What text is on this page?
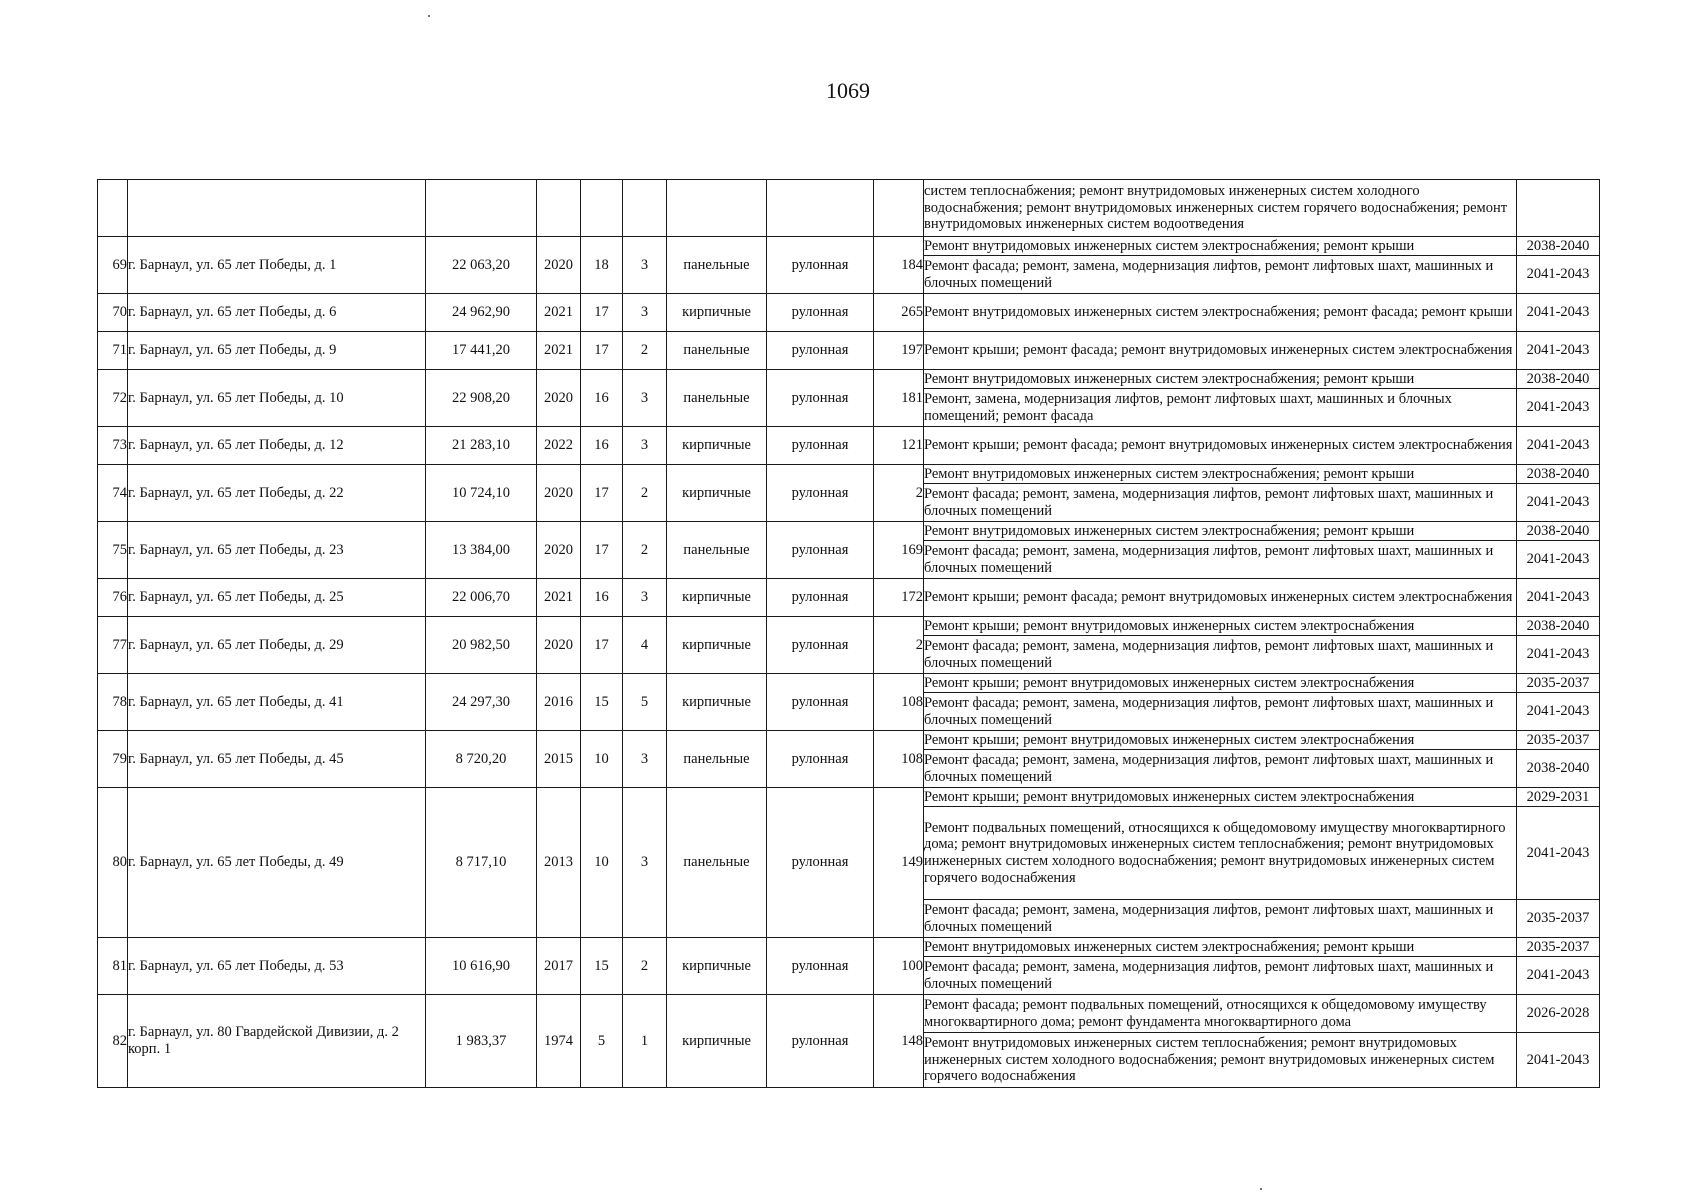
1069
									систем теплоснабжения; ремонт внутридомовых инженерных систем холодного водоснабжения; ремонт внутридомовых инженерных систем горячего водоснабжения; ремонт внутридомовых инженерных систем водоотведения	
69	г. Барнаул, ул. 65 лет Победы, д. 1	22 063,20	2020	18	3	панельные	рулонная	184	Ремонт внутридомовых инженерных систем электроснабжения; ремонт крыши	2038-2040
									Ремонт фасада; ремонт, замена, модернизация лифтов, ремонт лифтовых шахт, машинных и блочных помещений	2041-2043
70	г. Барнаул, ул. 65 лет Победы, д. 6	24 962,90	2021	17	3	кирпичные	рулонная	265	Ремонт внутридомовых инженерных систем электроснабжения; ремонт фасада; ремонт крыши	2041-2043
71	г. Барнаул, ул. 65 лет Победы, д. 9	17 441,20	2021	17	2	панельные	рулонная	197	Ремонт крыши; ремонт фасада; ремонт внутридомовых инженерных систем электроснабжения	2041-2043
72	г. Барнаул, ул. 65 лет Победы, д. 10	22 908,20	2020	16	3	панельные	рулонная	181	Ремонт внутридомовых инженерных систем электроснабжения; ремонт крыши	2038-2040
									Ремонт, замена, модернизация лифтов, ремонт лифтовых шахт, машинных и блочных помещений; ремонт фасада	2041-2043
73	г. Барнаул, ул. 65 лет Победы, д. 12	21 283,10	2022	16	3	кирпичные	рулонная	121	Ремонт крыши; ремонт фасада; ремонт внутридомовых инженерных систем электроснабжения	2041-2043
74	г. Барнаул, ул. 65 лет Победы, д. 22	10 724,10	2020	17	2	кирпичные	рулонная	2	Ремонт внутридомовых инженерных систем электроснабжения; ремонт крыши	2038-2040
									Ремонт фасада; ремонт, замена, модернизация лифтов, ремонт лифтовых шахт, машинных и блочных помещений	2041-2043
75	г. Барнаул, ул. 65 лет Победы, д. 23	13 384,00	2020	17	2	панельные	рулонная	169	Ремонт внутридомовых инженерных систем электроснабжения; ремонт крыши	2038-2040
									Ремонт фасада; ремонт, замена, модернизация лифтов, ремонт лифтовых шахт, машинных и блочных помещений	2041-2043
76	г. Барнаул, ул. 65 лет Победы, д. 25	22 006,70	2021	16	3	кирпичные	рулонная	172	Ремонт крыши; ремонт фасада; ремонт внутридомовых инженерных систем электроснабжения	2041-2043
77	г. Барнаул, ул. 65 лет Победы, д. 29	20 982,50	2020	17	4	кирпичные	рулонная	2	Ремонт крыши; ремонт внутридомовых инженерных систем электроснабжения	2038-2040
									Ремонт фасада; ремонт, замена, модернизация лифтов, ремонт лифтовых шахт, машинных и блочных помещений	2041-2043
78	г. Барнаул, ул. 65 лет Победы, д. 41	24 297,30	2016	15	5	кирпичные	рулонная	108	Ремонт крыши; ремонт внутридомовых инженерных систем электроснабжения	2035-2037
									Ремонт фасада; ремонт, замена, модернизация лифтов, ремонт лифтовых шахт, машинных и блочных помещений	2041-2043
79	г. Барнаул, ул. 65 лет Победы, д. 45	8 720,20	2015	10	3	панельные	рулонная	108	Ремонт крыши; ремонт внутридомовых инженерных систем электроснабжения	2035-2037
									Ремонт фасада; ремонт, замена, модернизация лифтов, ремонт лифтовых шахт, машинных и блочных помещений	2038-2040
80	г. Барнаул, ул. 65 лет Победы, д. 49	8 717,10	2013	10	3	панельные	рулонная	149	Ремонт крыши; ремонт внутридомовых инженерных систем электроснабжения	2029-2031
									Ремонт подвальных помещений, относящихся к общедомовому имуществу многоквартирного дома; ремонт внутридомовых инженерных систем теплоснабжения; ремонт внутридомовых инженерных систем холодного водоснабжения; ремонт внутридомовых инженерных систем горячего водоснабжения	2041-2043
									Ремонт фасада; ремонт, замена, модернизация лифтов, ремонт лифтовых шахт, машинных и блочных помещений	2035-2037
81	г. Барнаул, ул. 65 лет Победы, д. 53	10 616,90	2017	15	2	кирпичные	рулонная	100	Ремонт внутридомовых инженерных систем электроснабжения; ремонт крыши	2035-2037
									Ремонт фасада; ремонт, замена, модернизация лифтов, ремонт лифтовых шахт, машинных и блочных помещений	2041-2043
82	г. Барнаул, ул. 80 Гвардейской Дивизии, д. 2 корп. 1	1 983,37	1974	5	1	кирпичные	рулонная	148	Ремонт фасада; ремонт подвальных помещений, относящихся к общедомовому имуществу многоквартирного дома; ремонт фундамента многоквартирного дома	2026-2028
									Ремонт внутридомовых инженерных систем теплоснабжения; ремонт внутридомовых инженерных систем холодного водоснабжения; ремонт внутридомовых инженерных систем горячего водоснабжения	2041-2043
